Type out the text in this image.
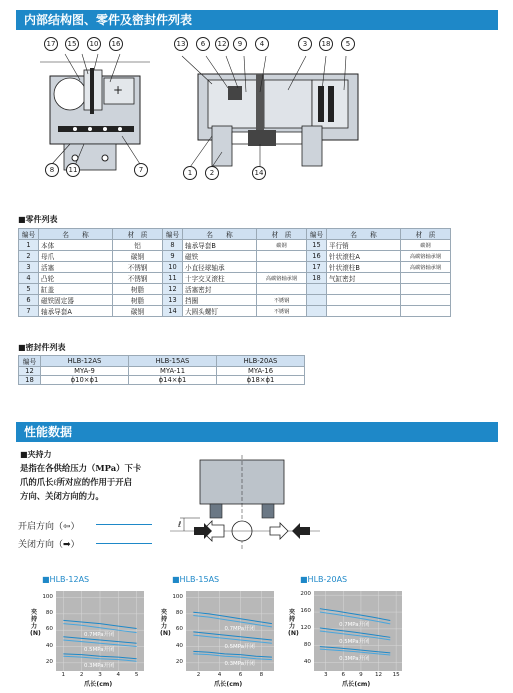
内部结构图、零件及密封件列表
+
17	15	10	16
8	11	7
13	6	12	9	4	3	18	5
1	2	14
■零件列表
编号	名　　称	材　质	编号	名　　称	材　质	编号	名　　称	材　质
1	本体	铝	8	轴承导套B	碳钢	15	平行销	碳钢
2	母爪	碳钢	9	磁铁		16	针状滚柱A	高碳铬轴承钢
3	活塞	不锈钢	10	小直径球轴承		17	针状滚柱B	高碳铬轴承钢
4	凸轮	不锈钢	11	十字交叉滚柱	高碳铬轴承钢	18	气缸密封	
5	缸盖	树脂	12	活塞密封				
6	磁铁固定器	树脂	13	挡圈	不锈钢			
7	轴承导套A	碳钢	14	大圆头螺钉	不锈钢			
■密封件列表
编号	HLB-12AS	HLB-15AS	HLB-20AS
12	MYA-9	MYA-11	MYA-16
18	ϕ10×ϕ1	ϕ14×ϕ1	ϕ18×ϕ1
性能数据
■夹持力
是指在各供给压力（MPa）下卡
爪的爪长ℓ所对应的作用于开启
方向、关闭方向的力。
开启方向（⇦）
关闭方向（➡）
ℓ
■HLB-12AS
0.7MPa开闭
0.5MPa开闭
0.3MPa开闭
100
80
60
40
20
1	2	3	4	5
夹持力(N)
爪长(cm)
■HLB-15AS
0.7MPa开闭
0.5MPa开闭
0.3MPa开闭
100
80
60
40
20
2	4	6	8
夹持力(N)
爪长(cm)
■HLB-20AS
0.7MPa开闭
0.5MPa开闭
0.3MPa开闭
200
160
120
80
40
3	6	9	12 15
夹持力(N)
爪长(cm)
